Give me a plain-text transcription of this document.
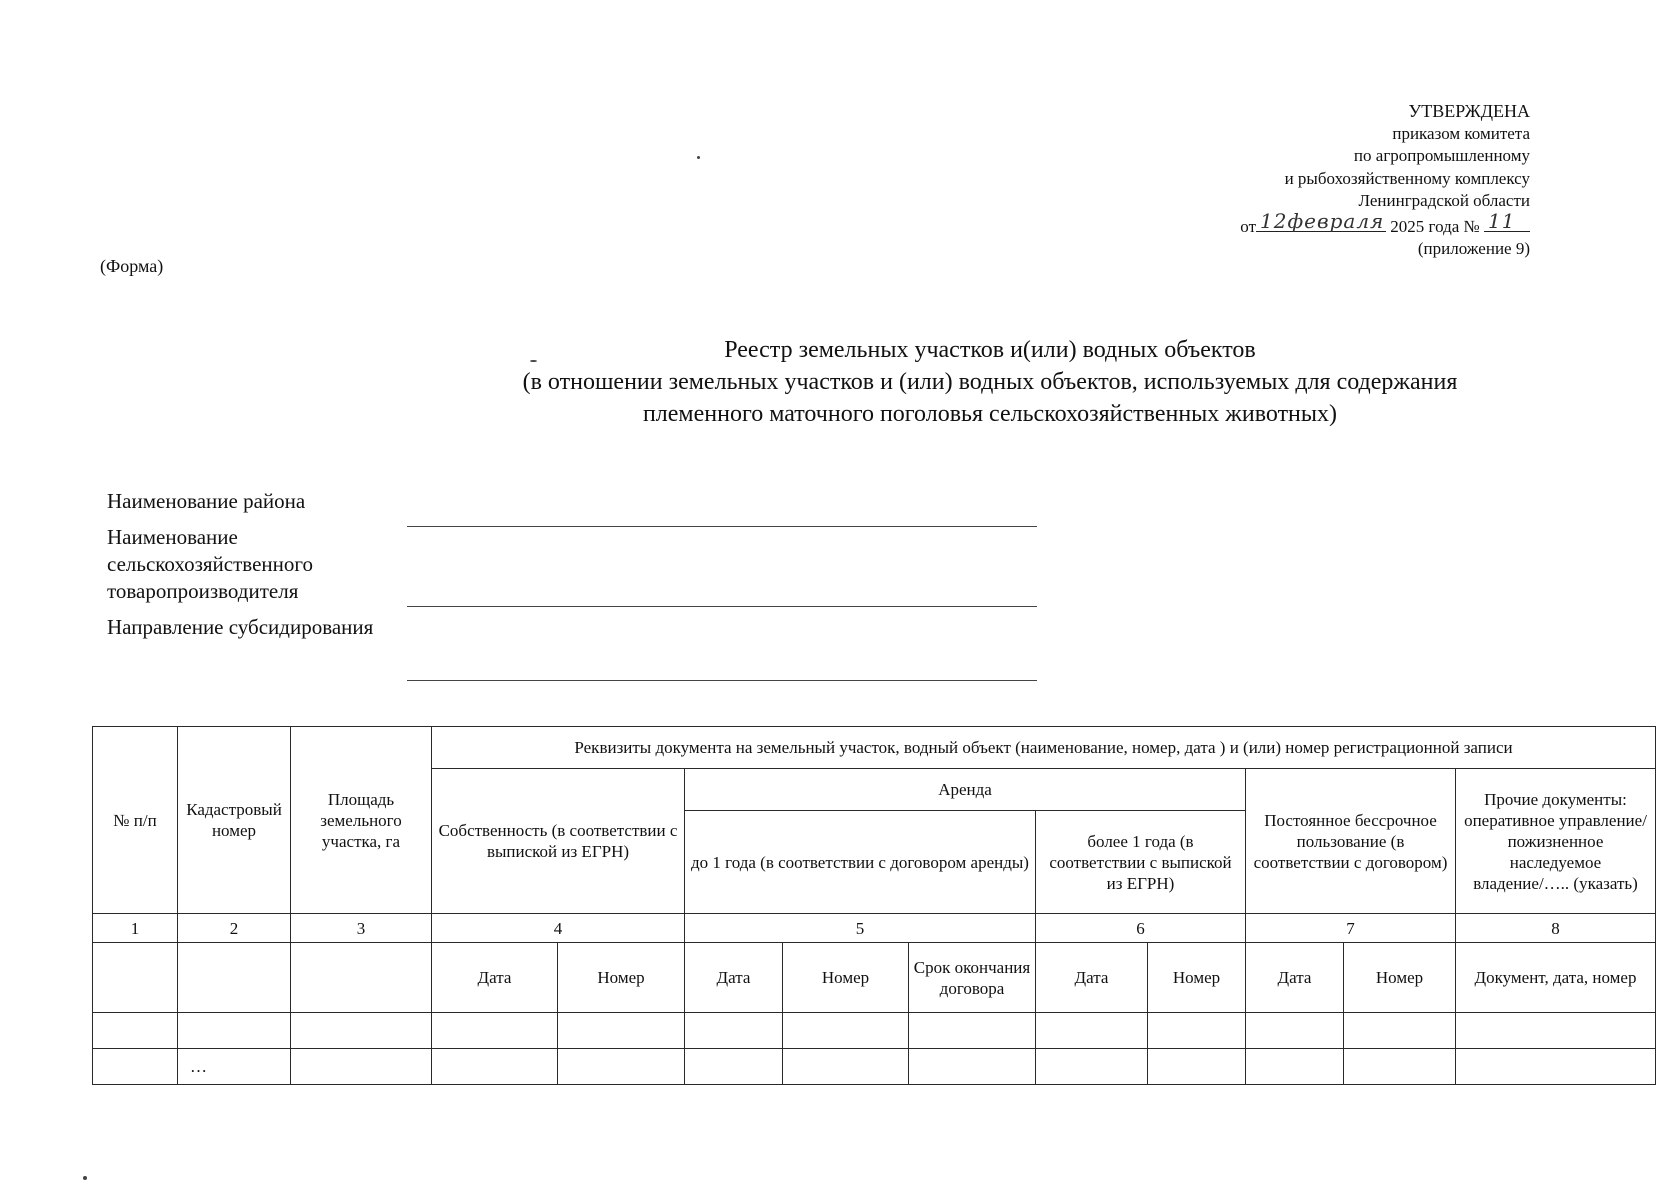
УТВЕРЖДЕНА
приказом комитета
по агропромышленному
и рыбохозяйственному комплексу
Ленинградской области
от 12февраля 2025 года № 11
(приложение 9)
(Форма)
Реестр земельных участков и(или) водных объектов
(в отношении земельных участков и (или) водных объектов, используемых для содержания
племенного маточного поголовья сельскохозяйственных животных)
Наименование района
Наименование сельскохозяйственного товаропроизводителя
Направление субсидирования
№ п/п	Кадастровый номер	Площадь земельного участка, га	Реквизиты документа на земельный участок, водный объект (наименование, номер, дата ) и (или) номер регистрационной записи									
			Собственность (в соответствии с выпиской из ЕГРН)		Аренда					Постоянное бессрочное пользование (в соответствии с договором)		Прочие документы: оперативное управление/пожизненное наследуемое владение/….. (указать)
					до 1 года (в соответствии с договором аренды)			более 1 года (в соответствии с выпиской из ЕГРН)				
1	2	3	4		5			6		7		8
			Дата	Номер	Дата	Номер	Срок окончания договора	Дата	Номер	Дата	Номер	Документ, дата, номер

	…											
